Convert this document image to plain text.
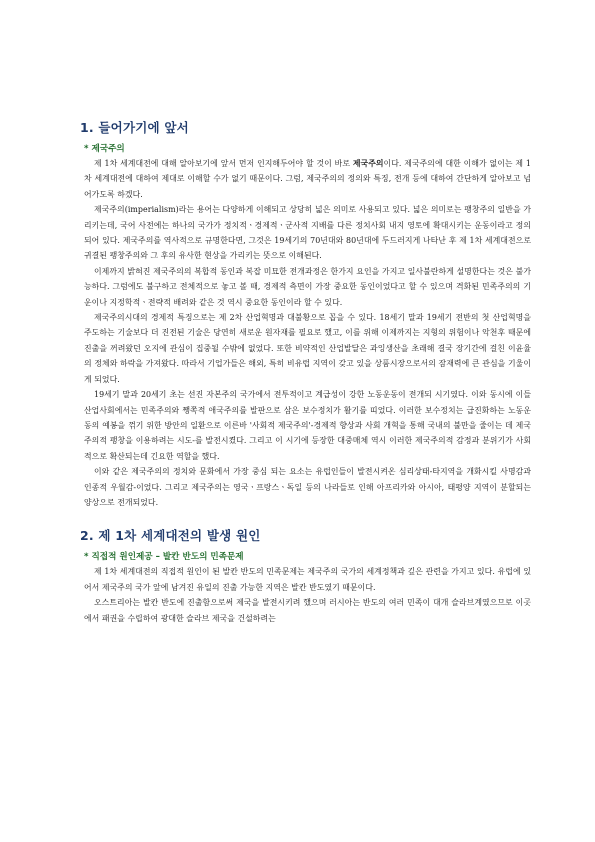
1. 들어가기에 앞서
* 제국주의

제 1차 세계대전에 대해 알아보기에 앞서 먼저 인지해두어야 할 것이 바로 제국주의이다. 제국주의에 대한 이해가 없이는 제 1차 세계대전에 대하여 제대로 이해할 수가 없기 때문이다. 그럼, 제국주의의 정의와 특징, 전개 등에 대하여 간단하게 알아보고 넘어가도록 하겠다.

제국주의(imperialism)라는 용어는 다양하게 이해되고 상당히 넓은 의미로 사용되고 있다. 넓은 의미로는 팽창주의 일반을 가리키는데, 국어 사전에는 하나의 국가가 정치적ㆍ경제적ㆍ군사적 지배를 다른 정치사회 내지 영토에 확대시키는 운동이라고 정의되어 있다. 제국주의를 역사적으로 규명한다면, 그것은 19세기의 70년대와 80년대에 두드러지게 나타난 후 제 1차 세계대전으로 귀결된 팽창주의와 그 후의 유사한 현상을 가리키는 뜻으로 이해된다.

이제까지 밝혀진 제국주의의 복합적 동인과 복잡 미묘한 전개과정은 한가지 요인을 가지고 일사불란하게 설명한다는 것은 불가능하다. 그럼에도 불구하고 전체적으로 놓고 볼 때, 경제적 측면이 가장 중요한 동인이었다고 할 수 있으며 격화된 민족주의의 기운이나 지정학적ㆍ전략적 배려와 같은 것 역시 중요한 동인이라 할 수 있다.

제국주의시대의 경제적 특징으로는 제 2차 산업혁명과 대불황으로 꼽을 수 있다. 18세기 말과 19세기 전반의 첫 산업혁명을 주도하는 기술보다 더 진전된 기술은 당연히 새로운 원자재를 필요로 했고, 이를 위해 이제까지는 지형의 위험이나 악천후 때문에 진출을 꺼려왔던 오지에 관심이 집중될 수밖에 없었다. 또한 비약적인 산업발달은 과잉생산을 초래해 결국 장기간에 걸친 이윤율의 정체와 하락을 가져왔다. 따라서 기업가들은 해외, 특히 비유럽 지역이 갖고 있을 상품시장으로서의 잠재력에 큰 관심을 기울이게 되었다.

19세기 말과 20세기 초는 선진 자본주의 국가에서 전투적이고 계급성이 강한 노동운동이 전개되 시기였다. 이와 동시에 이들 산업사회에서는 민족주의와 쨍쪽적 애국주의를 발판으로 삼은 보수정치가 활기를 띠었다. 이러한 보수정치는 급진화하는 노동운동의 예봉을 꺾기 위한 방안의 일환으로 이른바 '사회적 제국주의'-경제적 향상과 사회 개혁을 통해 국내의 불만을 줄이는 데 제국주의적 팽창을 이용하려는 시도-를 발전시켰다. 그리고 이 시기에 등장한 대중매체 역시 이러한 제국주의적 감정과 분위기가 사회적으로 확산되는데 긴요한 역할을 했다.

이와 같은 제국주의의 정치와 문화에서 가장 중심 되는 요소는 유럽인들이 발전시켜온 심리상태-타지역을 개화시킬 사명감과 인종적 우월감-이었다. 그리고 제국주의는 영국ㆍ프랑스ㆍ독일 등의 나라들로 인해 아프리카와 아시아, 태평양 지역이 분할되는 양상으로 전개되었다.

2. 제 1차 세계대전의 발생 원인
* 직접적 원인제공 – 발칸 반도의 민족문제

제 1차 세계대전의 직접적 원인이 된 발칸 반도의 민족문제는 제국주의 국가의 세계정책과 깊은 관련을 가지고 있다. 유럽에 있어서 제국주의 국가 앞에 남겨진 유일의 진출 가능한 지역은 발칸 반도였기 때문이다.

오스트리아는 발칸 반도에 진출함으로써 제국을 발전시키려 했으며 러시아는 반도의 여러 민족이 대개 슬라브계였으므로 이곳에서 패권을 수립하여 광대한 슬라브 제국을 건설하려는
